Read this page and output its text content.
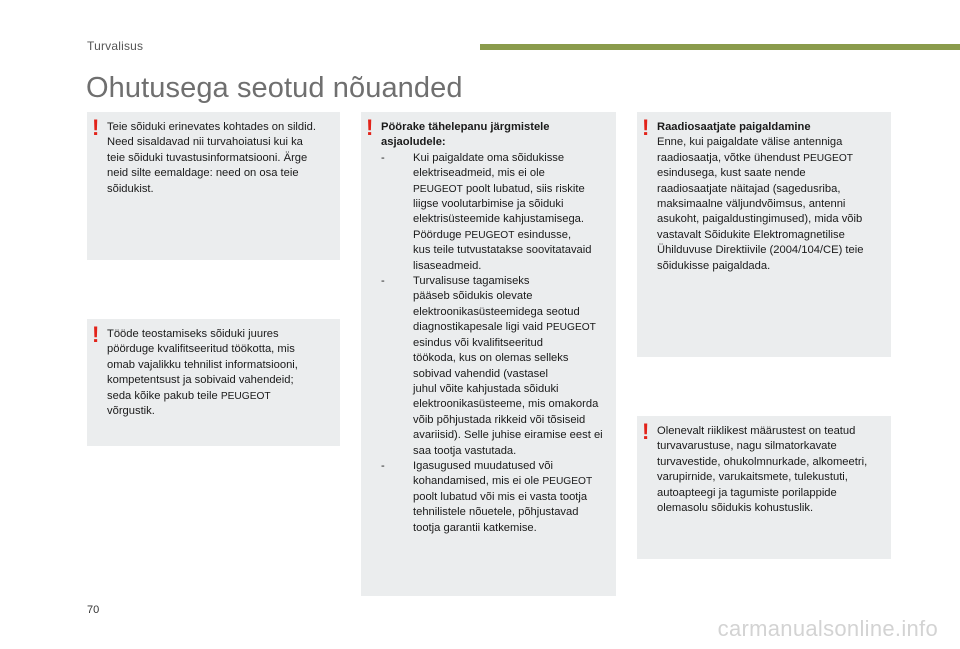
Turvalisus
Ohutusega seotud nõuanded
! Teie sõiduki erinevates kohtades on sildid.
Need sisaldavad nii turvahoiatusi kui ka
teie sõiduki tuvastusinformatsiooni. Ärge
neid silte eemaldage: need on osa teie
sõidukist.

! Tööde teostamiseks sõiduki juures
pöörduge kvalifitseeritud töökotta, mis
omab vajalikku tehnilist informatsiooni,
kompetentsust ja sobivaid vahendeid;
seda kõike pakub teile PEUGEOT
võrgustik.

! Pöörake tähelepanu järgmistele
asjaoludele:

-	Kui paigaldate oma sõidukisse
elektriseadmeid, mis ei ole
PEUGEOT poolt lubatud, siis riskite
liigse voolutarbimise ja sõiduki
elektrisüsteemide kahjustamisega.
Pöörduge PEUGEOT esindusse,
kus teile tutvustatakse soovitatavaid
lisaseadmeid.
-	Turvalisuse tagamiseks
pääseb sõidukis olevate
elektroonikasüsteemidega seotud
diagnostikapesale ligi vaid PEUGEOT
esindus või kvalifitseeritud
töökoda, kus on olemas selleks
sobivad vahendid (vastasel
juhul võite kahjustada sõiduki
elektroonikasüsteeme, mis omakorda
võib põhjustada rikkeid või tõsiseid
avariisid). Selle juhise eiramise eest ei
saa tootja vastutada.
-	Igasugused muudatused või
kohandamised, mis ei ole PEUGEOT
poolt lubatud või mis ei vasta tootja
tehnilistele nõuetele, põhjustavad
tootja garantii katkemise.
! Raadiosaatjate paigaldamine

Enne, kui paigaldate välise antenniga
raadiosaatja, võtke ühendust PEUGEOT
esindusega, kust saate nende
raadiosaatjate näitajad (sagedusriba,
maksimaalne väljundvõimsus, antenni
asukoht, paigaldustingimused), mida võib
vastavalt Sõidukite Elektromagnetilise
Ühilduvuse Direktiivile (2004/104/CE) teie
sõidukisse paigaldada.

! Olenevalt riiklikest määrustest on teatud
turvavarustuse, nagu silmatorkavate
turvavestide, ohukolmnurkade, alkomeetri,
varupirnide, varukaitsmete, tulekustuti,
autoapteegi ja tagumiste porilappide
olemasolu sõidukis kohustuslik.

70
carmanualsonline.info
